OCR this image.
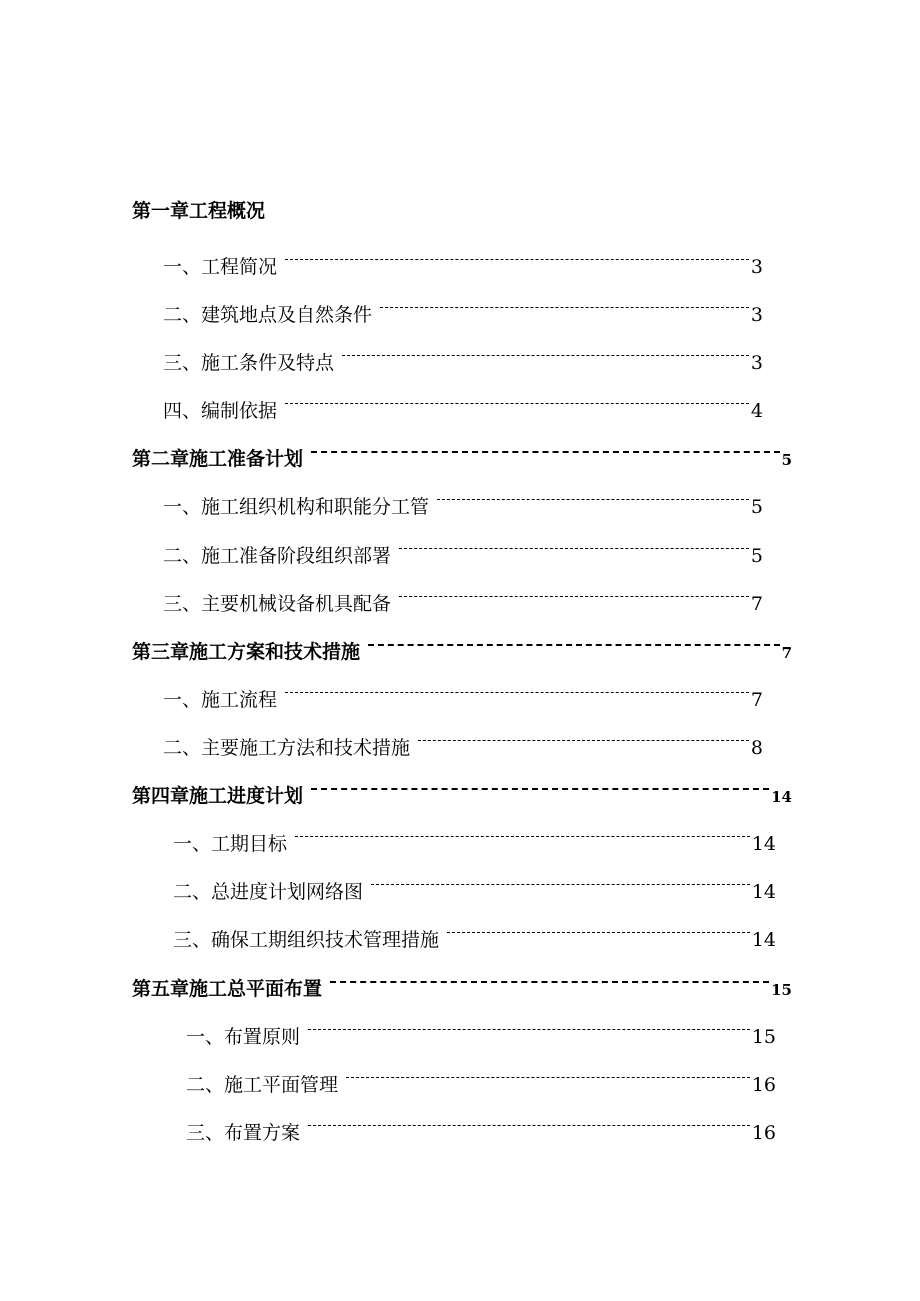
第一章工程概况
一、工程简况	3
二、建筑地点及自然条件	3
三、施工条件及特点	3
四、编制依据	4
第二章施工准备计划	5
一、施工组织机构和职能分工管	5
二、施工准备阶段组织部署	5
三、主要机械设备机具配备	7
第三章施工方案和技术措施	7
一、施工流程	7
二、主要施工方法和技术措施	8
第四章施工进度计划	14
一、工期目标	14
二、总进度计划网络图	14
三、确保工期组织技术管理措施	14
第五章施工总平面布置	15
一、布置原则	15
二、施工平面管理	16
三、布置方案	16
